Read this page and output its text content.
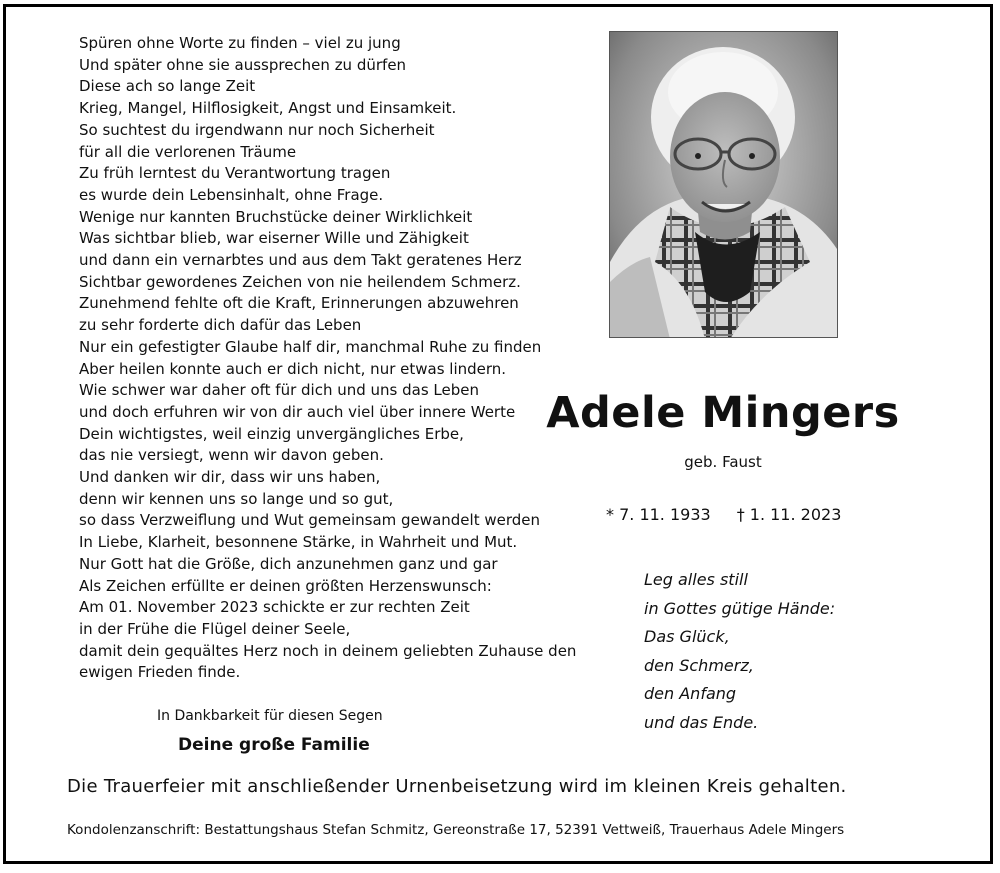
Spüren ohne Worte zu finden – viel zu jung
Und später ohne sie aussprechen zu dürfen
Diese ach so lange Zeit
Krieg, Mangel, Hilflosigkeit, Angst und Einsamkeit.
So suchtest du irgendwann nur noch Sicherheit
für all die verlorenen Träume
Zu früh lerntest du Verantwortung tragen
es wurde dein Lebensinhalt, ohne Frage.
Wenige nur kannten Bruchstücke deiner Wirklichkeit
Was sichtbar blieb, war eiserner Wille und Zähigkeit
und dann ein vernarbtes und aus dem Takt geratenes Herz
Sichtbar gewordenes Zeichen von nie heilendem Schmerz.
Zunehmend fehlte oft die Kraft, Erinnerungen abzuwehren
zu sehr forderte dich dafür das Leben
Nur ein gefestigter Glaube half dir, manchmal Ruhe zu finden
Aber heilen konnte auch er dich nicht, nur etwas lindern.
Wie schwer war daher oft für dich und uns das Leben
und doch erfuhren wir von dir auch viel über innere Werte
Dein wichtigstes, weil einzig unvergängliches Erbe,
das nie versiegt, wenn wir davon geben.
Und danken wir dir, dass wir uns haben,
denn wir kennen uns so lange und so gut,
so dass Verzweiflung und Wut gemeinsam gewandelt werden
In Liebe, Klarheit, besonnene Stärke, in Wahrheit und Mut.
Nur Gott hat die Größe, dich anzunehmen ganz und gar
Als Zeichen erfüllte er deinen größten Herzenswunsch:
Am 01. November 2023 schickte er zur rechten Zeit
in der Frühe die Flügel deiner Seele,
damit dein gequältes Herz noch in deinem geliebten Zuhause den
ewigen Frieden finde.
Adele Mingers
geb. Faust
* 7. 11. 1933 † 1. 11. 2023
Leg alles still
in Gottes gütige Hände:
Das Glück,
den Schmerz,
den Anfang
und das Ende.
In Dankbarkeit für diesen Segen
Deine große Familie
Die Trauerfeier mit anschließender Urnenbeisetzung wird im kleinen Kreis gehalten.
Kondolenzanschrift: Bestattungshaus Stefan Schmitz, Gereonstraße 17, 52391 Vettweiß, Trauerhaus Adele Mingers
